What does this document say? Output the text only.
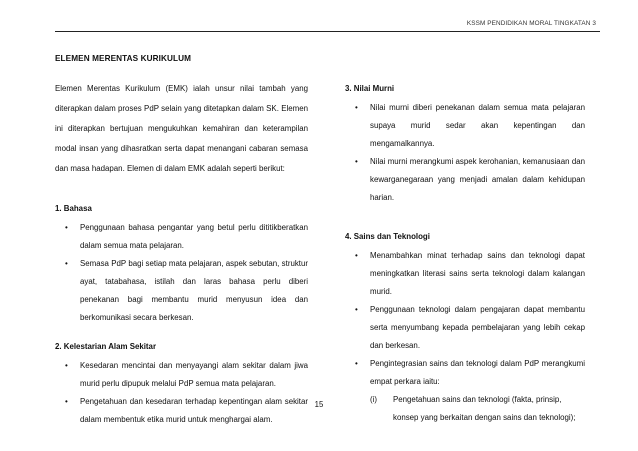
KSSM PENDIDIKAN MORAL TINGKATAN 3
ELEMEN MERENTAS KURIKULUM
Elemen Merentas Kurikulum (EMK) ialah unsur nilai tambah yang diterapkan dalam proses PdP selain yang ditetapkan dalam SK. Elemen ini diterapkan bertujuan mengukuhkan kemahiran dan keterampilan modal insan yang dihasratkan serta dapat menangani cabaran semasa dan masa hadapan. Elemen di dalam EMK adalah seperti berikut:
1. Bahasa
• Penggunaan bahasa pengantar yang betul perlu dititikberatkan dalam semua mata pelajaran.
• Semasa PdP bagi setiap mata pelajaran, aspek sebutan, struktur ayat, tatabahasa, istilah dan laras bahasa perlu diberi penekanan bagi membantu murid menyusun idea dan berkomunikasi secara berkesan.
2. Kelestarian Alam Sekitar
• Kesedaran mencintai dan menyayangi alam sekitar dalam jiwa murid perlu dipupuk melalui PdP semua mata pelajaran.
• Pengetahuan dan kesedaran terhadap kepentingan alam sekitar dalam membentuk etika murid untuk menghargai alam.
3. Nilai Murni
• Nilai murni diberi penekanan dalam semua mata pelajaran supaya murid sedar akan kepentingan dan mengamalkannya.
• Nilai murni merangkumi aspek kerohanian, kemanusiaan dan kewarganegaraan yang menjadi amalan dalam kehidupan harian.
4. Sains dan Teknologi
• Menambahkan minat terhadap sains dan teknologi dapat meningkatkan literasi sains serta teknologi dalam kalangan murid.
• Penggunaan teknologi dalam pengajaran dapat membantu serta menyumbang kepada pembelajaran yang lebih cekap dan berkesan.
• Pengintegrasian sains dan teknologi dalam PdP merangkumi empat perkara iaitu:
(i) Pengetahuan sains dan teknologi (fakta, prinsip, konsep yang berkaitan dengan sains dan teknologi);
15
